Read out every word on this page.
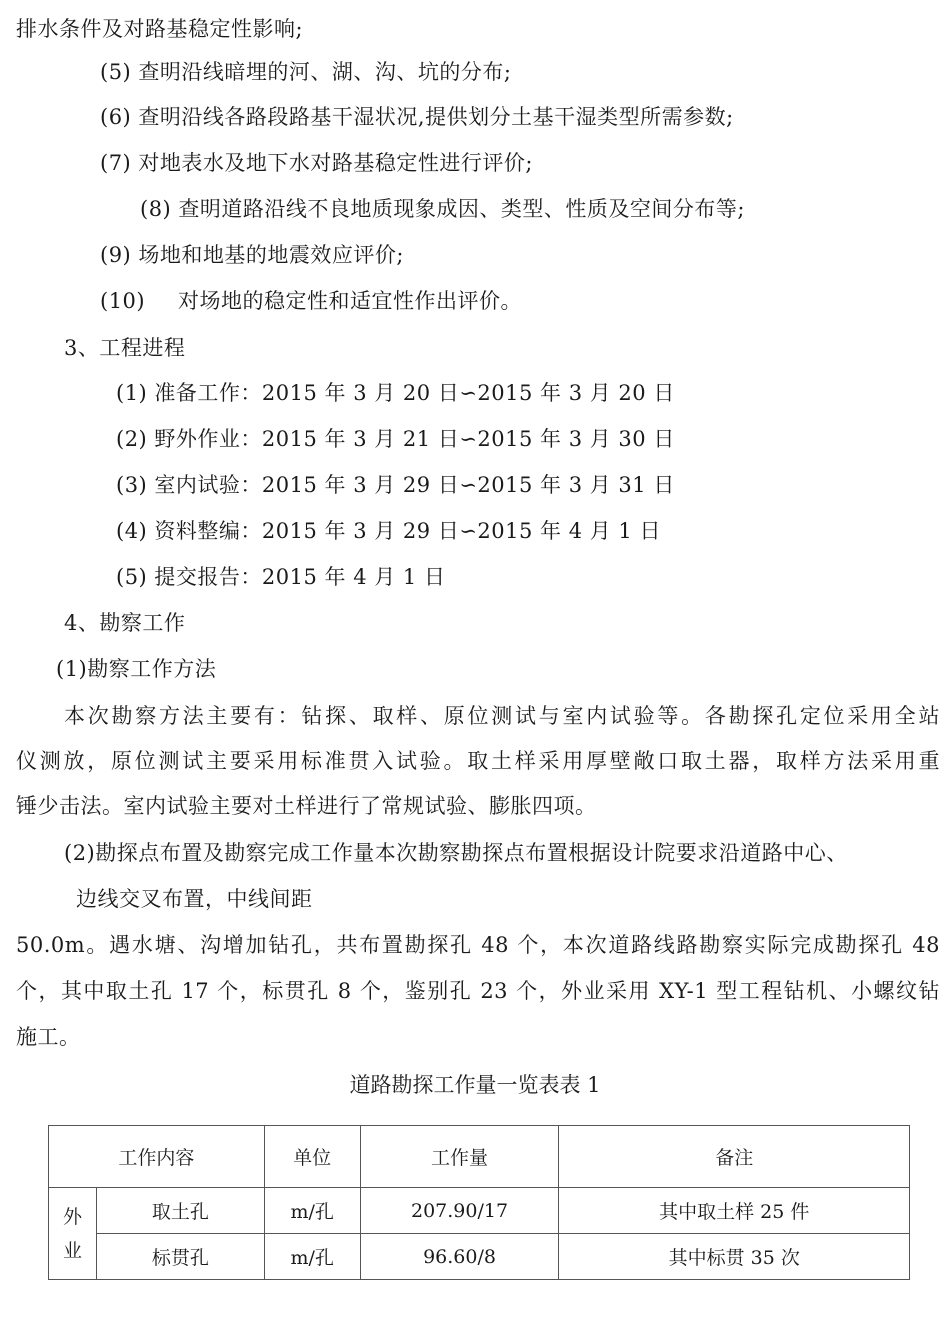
排水条件及对路基稳定性影响;
(5) 查明沿线暗埋的河、湖、沟、坑的分布;
(6) 查明沿线各路段路基干湿状况,提供划分土基干湿类型所需参数;
(7) 对地表水及地下水对路基稳定性进行评价;
(8) 查明道路沿线不良地质现象成因、类型、性质及空间分布等;
(9) 场地和地基的地震效应评价;
(10) 对场地的稳定性和适宜性作出评价。
3、工程进程
(1) 准备工作：2015 年 3 月 20 日∽2015 年 3 月 20 日
(2) 野外作业：2015 年 3 月 21 日∽2015 年 3 月 30 日
(3) 室内试验：2015 年 3 月 29 日∽2015 年 3 月 31 日
(4) 资料整编：2015 年 3 月 29 日∽2015 年 4 月 1 日
(5) 提交报告：2015 年 4 月 1 日
4、勘察工作
(1)勘察工作方法
本次勘察方法主要有：钻探、取样、原位测试与室内试验等。各勘探孔定位采用全站
仪测放，原位测试主要采用标准贯入试验。取土样采用厚壁敞口取土器，取样方法采用重
锤少击法。室内试验主要对土样进行了常规试验、膨胀四项。
(2)勘探点布置及勘察完成工作量本次勘察勘探点布置根据设计院要求沿道路中心、
边线交叉布置，中线间距
50.0m。遇水塘、沟增加钻孔，共布置勘探孔 48 个，本次道路线路勘察实际完成勘探孔 48
个，其中取土孔 17 个，标贯孔 8 个，鉴别孔 23 个，外业采用 XY-1 型工程钻机、小螺纹钻
施工。
道路勘探工作量一览表表 1
工作内容		单位	工作量	备注

外业	取土孔	m/孔	207.90/17	其中取土样 25 件
	标贯孔	m/孔	96.60/8	其中标贯 35 次
